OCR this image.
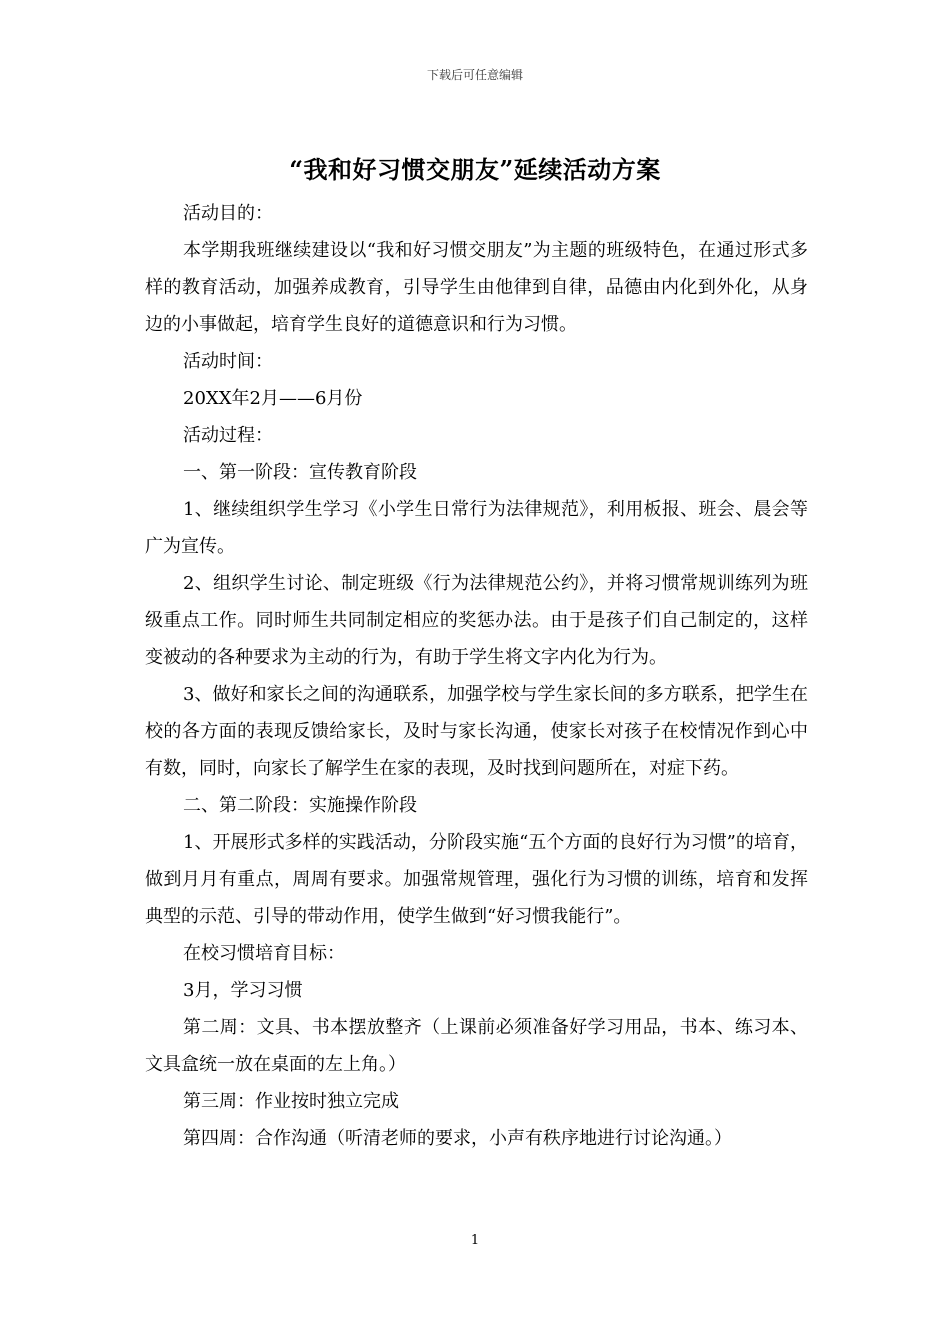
下载后可任意编辑
“我和好习惯交朋友”延续活动方案

活动目的：

本学期我班继续建设以“我和好习惯交朋友”为主题的班级特色，在通过形式多样的教育活动，加强养成教育，引导学生由他律到自律，品德由内化到外化，从身边的小事做起，培育学生良好的道德意识和行为习惯。

活动时间：

20XX年2月——6月份

活动过程：

一、第一阶段：宣传教育阶段

1、继续组织学生学习《小学生日常行为法律规范》，利用板报、班会、晨会等广为宣传。

2、组织学生讨论、制定班级《行为法律规范公约》，并将习惯常规训练列为班级重点工作。同时师生共同制定相应的奖惩办法。由于是孩子们自己制定的，这样变被动的各种要求为主动的行为，有助于学生将文字内化为行为。

3、做好和家长之间的沟通联系，加强学校与学生家长间的多方联系，把学生在校的各方面的表现反馈给家长，及时与家长沟通，使家长对孩子在校情况作到心中有数，同时，向家长了解学生在家的表现，及时找到问题所在，对症下药。

二、第二阶段：实施操作阶段

1、开展形式多样的实践活动，分阶段实施“五个方面的良好行为习惯”的培育，做到月月有重点，周周有要求。加强常规管理，强化行为习惯的训练，培育和发挥典型的示范、引导的带动作用，使学生做到“好习惯我能行”。

在校习惯培育目标：

3月，学习习惯

第二周：文具、书本摆放整齐（上课前必须准备好学习用品，书本、练习本、文具盒统一放在桌面的左上角。）

第三周：作业按时独立完成

第四周：合作沟通（听清老师的要求，小声有秩序地进行讨论沟通。）

1
